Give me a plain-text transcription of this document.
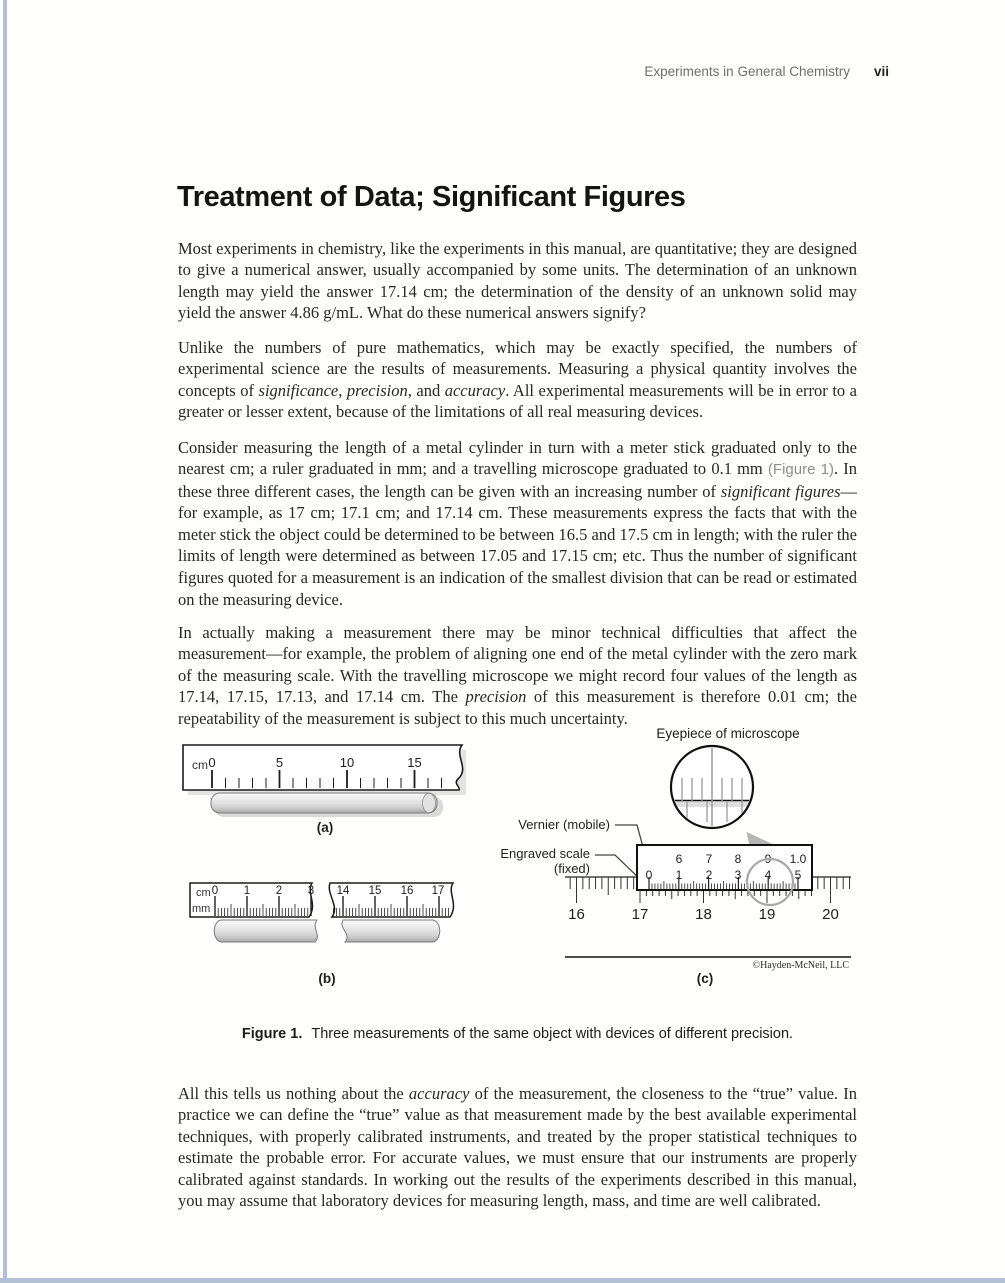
Experiments in General Chemistry vii
Treatment of Data; Significant Figures

Most experiments in chemistry, like the experiments in this manual, are quantitative; they are designed to give a numerical answer, usually accompanied by some units. The determination of an unknown length may yield the answer 17.14 cm; the determination of the density of an unknown solid may yield the answer 4.86 g/mL. What do these numerical answers signify?

Unlike the numbers of pure mathematics, which may be exactly specified, the numbers of experimental science are the results of measurements. Measuring a physical quantity involves the concepts of significance, precision, and accuracy. All experimental measurements will be in error to a greater or lesser extent, because of the limitations of all real measuring devices.

Consider measuring the length of a metal cylinder in turn with a meter stick graduated only to the nearest cm; a ruler graduated in mm; and a travelling microscope graduated to 0.1 mm (Figure 1). In these three different cases, the length can be given with an increasing number of significant figures—for example, as 17 cm; 17.1 cm; and 17.14 cm. These measurements express the facts that with the meter stick the object could be determined to be between 16.5 and 17.5 cm in length; with the ruler the limits of length were determined as between 17.05 and 17.15 cm; etc. Thus the number of significant figures quoted for a measurement is an indication of the smallest division that can be read or estimated on the measuring device.

In actually making a measurement there may be minor technical difficulties that affect the measurement—for example, the problem of aligning one end of the metal cylinder with the zero mark of the measuring scale. With the travelling microscope we might record four values of the length as 17.14, 17.15, 17.13, and 17.14 cm. The precision of this measurement is therefore 0.01 cm; the repeatability of the measurement is subject to this much uncertainty.

All this tells us nothing about the accuracy of the measurement, the closeness to the “true” value. In practice we can define the “true” value as that measurement made by the best available experimental techniques, with properly calibrated instruments, and treated by the proper statistical techniques to estimate the probable error. For accurate values, we must ensure that our instruments are properly calibrated against standards. In working out the results of the experiments described in this manual, you may assume that laboratory devices for measuring length, mass, and time are well calibrated.

cm 0	5	10	15
(a)
cm
mm
0 1 2 3 14 15 16 17
(b)
Eyepiece of microscope
Vernier (mobile)
Engraved scale
(fixed)
16	17	18	19	20
6 7 8 9 1.0
0 1 2 3 4 5
©Hayden-McNeil, LLC
(c)
Figure 1. Three measurements of the same object with devices of different precision.
